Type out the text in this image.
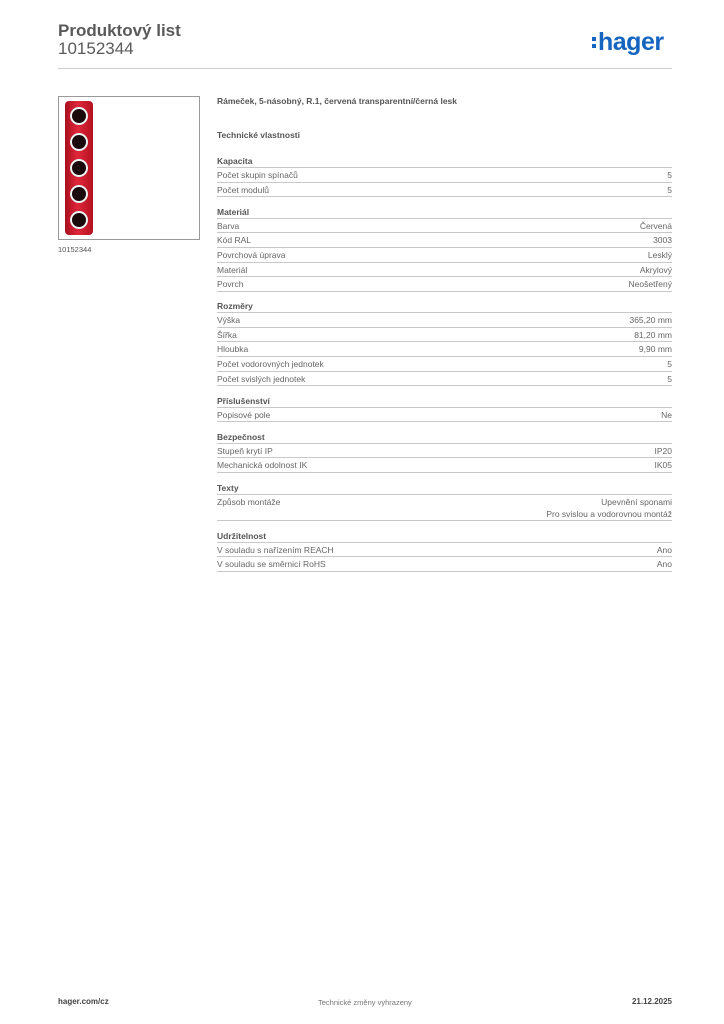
Produktový list
10152344	hager
10152344
Rámeček, 5-násobný, R.1, červená transparentní/černá lesk
Technické vlastnosti
Kapacita
Počet skupin spínačů	5
Počet modulů	5
Materiál
Barva	Červená
Kód RAL	3003
Povrchová úprava	Lesklý
Materiál	Akrylový
Povrch	Neošetřený
Rozměry
Výška	365,20 mm
Šířka	81,20 mm
Hloubka	9,90 mm
Počet vodorovných jednotek	5
Počet svislých jednotek	5
Příslušenství
Popisové pole	Ne
Bezpečnost
Stupeň krytí IP	IP20
Mechanická odolnost IK	IK05
Texty
Způsob montáže	Upevnění sponami
Pro svislou a vodorovnou montáž
Udržitelnost
V souladu s nařízením REACH	Ano
V souladu se směrnicí RoHS	Ano
hager.com/cz	Technické změny vyhrazeny	21.12.2025
